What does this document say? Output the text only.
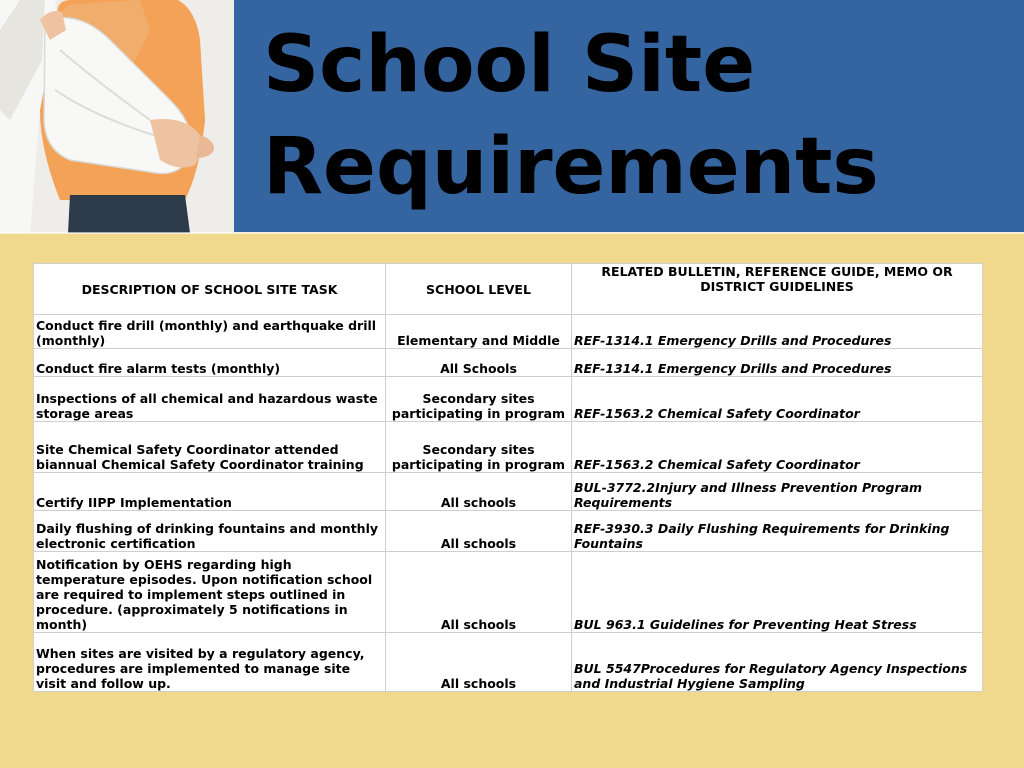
School Site
Requirements
DESCRIPTION OF SCHOOL SITE TASK	SCHOOL LEVEL	RELATED BULLETIN, REFERENCE GUIDE, MEMO OR DISTRICT GUIDELINES
Conduct fire drill (monthly) and earthquake drill (monthly)	Elementary and Middle	REF-1314.1 Emergency Drills and Procedures
Conduct fire alarm tests (monthly)	All Schools	REF-1314.1 Emergency Drills and Procedures
Inspections of all chemical and hazardous waste storage areas	Secondary sites participating in program	REF-1563.2 Chemical Safety Coordinator
Site Chemical Safety Coordinator attended biannual Chemical Safety Coordinator training	Secondary sites participating in program	REF-1563.2 Chemical Safety Coordinator
Certify IIPP Implementation	All schools	BUL-3772.2Injury and Illness Prevention Program Requirements
Daily flushing of drinking fountains and monthly electronic certification	All schools	REF-3930.3 Daily Flushing Requirements for Drinking Fountains
Notification by OEHS regarding high temperature episodes. Upon notification school are required to implement steps outlined in procedure. (approximately 5 notifications in month)	All schools	BUL 963.1 Guidelines for Preventing Heat Stress
When sites are visited by a regulatory agency, procedures are implemented to manage site visit and follow up.	All schools	BUL 5547Procedures for Regulatory Agency Inspections and Industrial Hygiene Sampling
